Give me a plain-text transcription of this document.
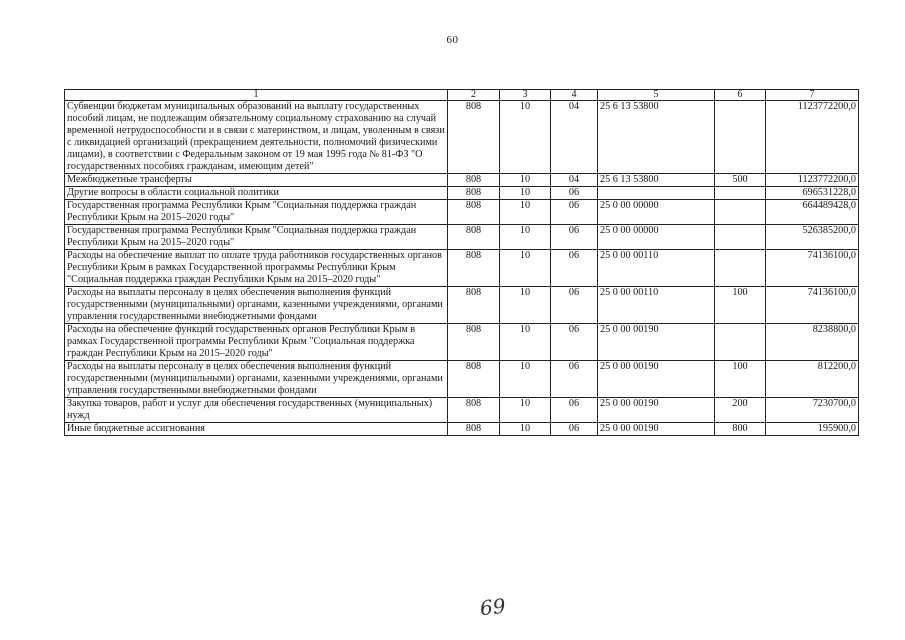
60
1	2	3	4	5	6	7
Субвенции бюджетам муниципальных образований на выплату государственных пособий лицам, не подлежащим обязательному социальному страхованию на случай временной нетрудоспособности и в связи с материнством, и лицам, уволенным в связи с ликвидацией организаций (прекращением деятельности, полномочий физическими лицами), в соответствии с Федеральным законом от 19 мая 1995 года № 81-ФЗ "О государственных пособиях гражданам, имеющим детей"	808	10	04	25 6 13 53800		1123772200,0
Межбюджетные трансферты	808	10	04	25 6 13 53800	500	1123772200,0
Другие вопросы в области социальной политики	808	10	06			696531228,0
Государственная программа Республики Крым "Социальная поддержка граждан Республики Крым на 2015–2020 годы"	808	10	06	25 0 00 00000		664489428,0
Государственная программа Республики Крым "Социальная поддержка граждан Республики Крым на 2015–2020 годы"	808	10	06	25 0 00 00000		526385200,0
Расходы на обеспечение выплат по оплате труда работников государственных органов Республики Крым в рамках Государственной программы Республики Крым "Социальная поддержка граждан Республики Крым на 2015–2020 годы"	808	10	06	25 0 00 00110		74136100,0
Расходы на выплаты персоналу в целях обеспечения выполнения функций государственными (муниципальными) органами, казенными учреждениями, органами управления государственными внебюджетными фондами	808	10	06	25 0 00 00110	100	74136100,0
Расходы на обеспечение функций государственных органов Республики Крым в рамках Государственной программы Республики Крым "Социальная поддержка граждан Республики Крым на 2015–2020 годы"	808	10	06	25 0 00 00190		8238800,0
Расходы на выплаты персоналу в целях обеспечения выполнения функций государственными (муниципальными) органами, казенными учреждениями, органами управления государственными внебюджетными фондами	808	10	06	25 0 00 00190	100	812200,0
Закупка товаров, работ и услуг для обеспечения государственных (муниципальных) нужд	808	10	06	25 0 00 00190	200	7230700,0
Иные бюджетные ассигнования	808	10	06	25 0 00 00190	800	195900,0
69
